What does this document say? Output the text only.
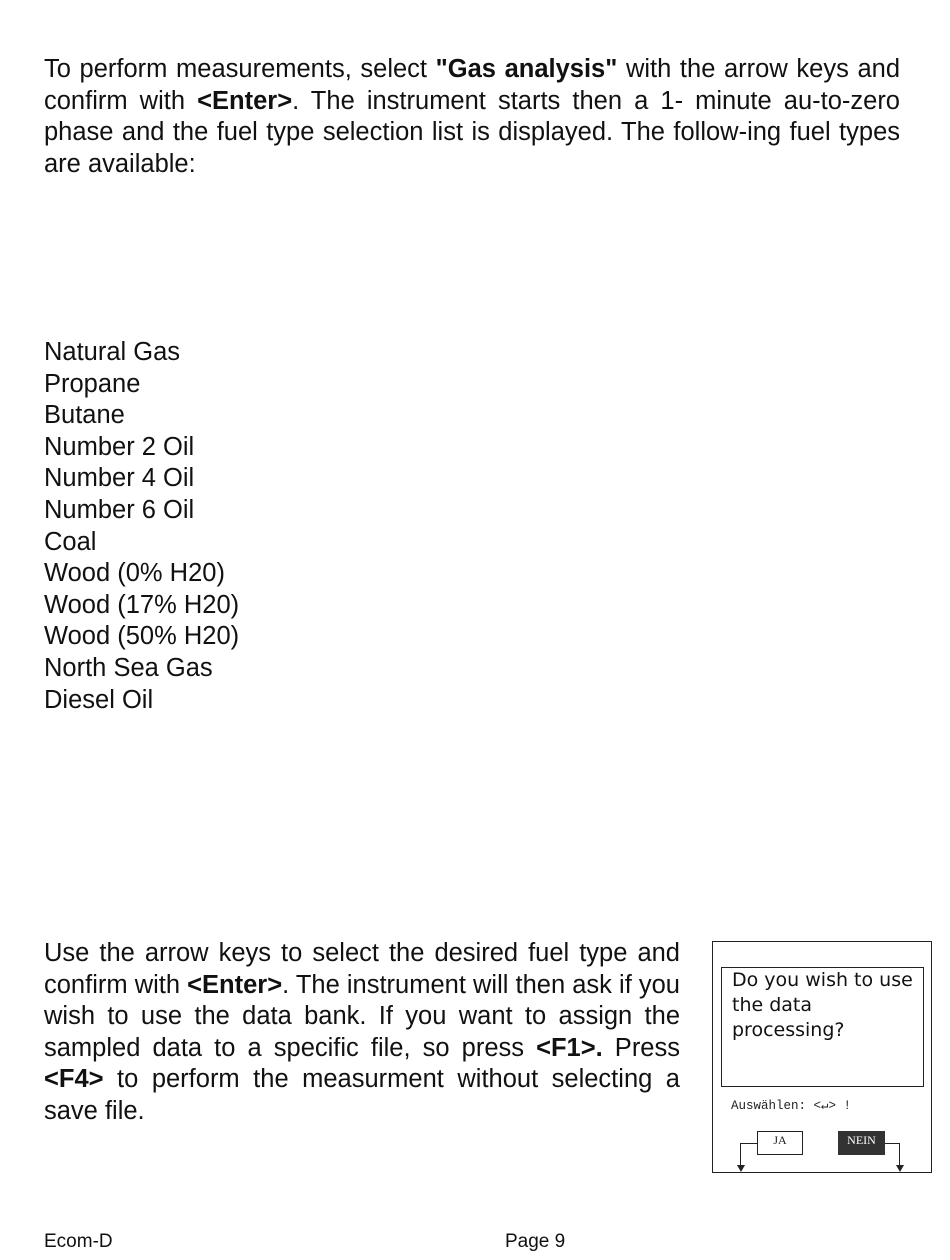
To perform measurements, select "Gas analysis" with the arrow keys and confirm with <Enter>. The instrument starts then a 1- minute au-to-zero phase and the fuel type selection list is displayed. The follow-ing fuel types are available:

Natural Gas
Propane
Butane
Number 2 Oil
Number 4 Oil
Number 6 Oil
Coal
Wood (0% H20)
Wood (17% H20)
Wood (50% H20)
North Sea Gas
Diesel Oil

Use the arrow keys to select the desired fuel type and confirm with <Enter>. The instrument will then ask if you wish to use the data bank. If you want to assign the sampled data to a specific file, so press <F1>. Press <F4> to perform the measurment without selecting a save file.

Do you wish to use the data processing?
Auswählen: <↵> !
JA	NEIN
Ecom-D	Page 9
